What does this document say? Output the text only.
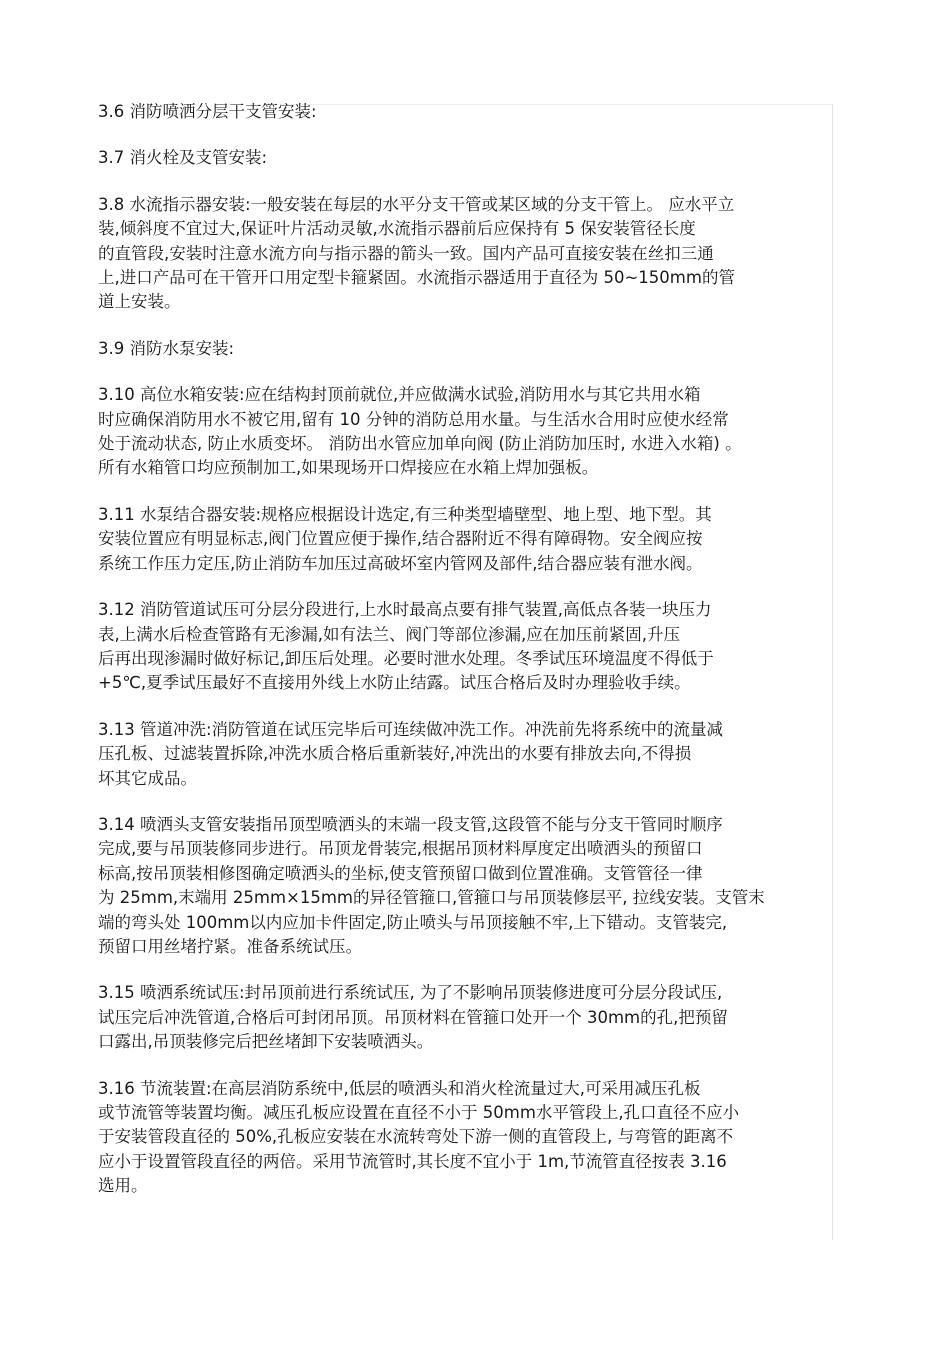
3.6 消防喷洒分层干支管安装:
3.7 消火栓及支管安装:
3.8 水流指示器安装:一般安装在每层的水平分支干管或某区域的分支干管上。 应水平立
装,倾斜度不宜过大,保证叶片活动灵敏,水流指示器前后应保持有 5 保安装管径长度
的直管段,安装时注意水流方向与指示器的箭头一致。国内产品可直接安装在丝扣三通
上,进口产品可在干管开口用定型卡箍紧固。水流指示器适用于直径为 50~150mm的管
道上安装。
3.9 消防水泵安装:
3.10 高位水箱安装:应在结构封顶前就位,并应做满水试验,消防用水与其它共用水箱
时应确保消防用水不被它用,留有 10 分钟的消防总用水量。与生活水合用时应使水经常
处于流动状态, 防止水质变坏。 消防出水管应加单向阀 (防止消防加压时, 水进入水箱) 。
所有水箱管口均应预制加工,如果现场开口焊接应在水箱上焊加强板。
3.11 水泵结合器安装:规格应根据设计选定,有三种类型墙壁型、地上型、地下型。其
安装位置应有明显标志,阀门位置应便于操作,结合器附近不得有障碍物。安全阀应按
系统工作压力定压,防止消防车加压过高破坏室内管网及部件,结合器应装有泄水阀。
3.12 消防管道试压可分层分段进行,上水时最高点要有排气装置,高低点各装一块压力
表,上满水后检查管路有无渗漏,如有法兰、阀门等部位渗漏,应在加压前紧固,升压
后再出现渗漏时做好标记,卸压后处理。必要时泄水处理。冬季试压环境温度不得低于
+5℃,夏季试压最好不直接用外线上水防止结露。试压合格后及时办理验收手续。
3.13 管道冲洗:消防管道在试压完毕后可连续做冲洗工作。冲洗前先将系统中的流量减
压孔板、过滤装置拆除,冲洗水质合格后重新装好,冲洗出的水要有排放去向,不得损
坏其它成品。
3.14 喷洒头支管安装指吊顶型喷洒头的末端一段支管,这段管不能与分支干管同时顺序
完成,要与吊顶装修同步进行。吊顶龙骨装完,根据吊顶材料厚度定出喷洒头的预留口
标高,按吊顶装相修图确定喷洒头的坐标,使支管预留口做到位置准确。支管管径一律
为 25mm,末端用 25mm×15mm的异径管箍口,管箍口与吊顶装修层平, 拉线安装。支管末
端的弯头处 100mm以内应加卡件固定,防止喷头与吊顶接触不牢,上下错动。支管装完,
预留口用丝堵拧紧。准备系统试压。
3.15 喷洒系统试压:封吊顶前进行系统试压, 为了不影响吊顶装修进度可分层分段试压,
试压完后冲洗管道,合格后可封闭吊顶。吊顶材料在管箍口处开一个 30mm的孔,把预留
口露出,吊顶装修完后把丝堵卸下安装喷洒头。
3.16 节流装置:在高层消防系统中,低层的喷洒头和消火栓流量过大,可采用减压孔板
或节流管等装置均衡。减压孔板应设置在直径不小于 50mm水平管段上,孔口直径不应小
于安装管段直径的 50%,孔板应安装在水流转弯处下游一侧的直管段上, 与弯管的距离不
应小于设置管段直径的两倍。采用节流管时,其长度不宜小于 1m,节流管直径按表 3.16
选用。
